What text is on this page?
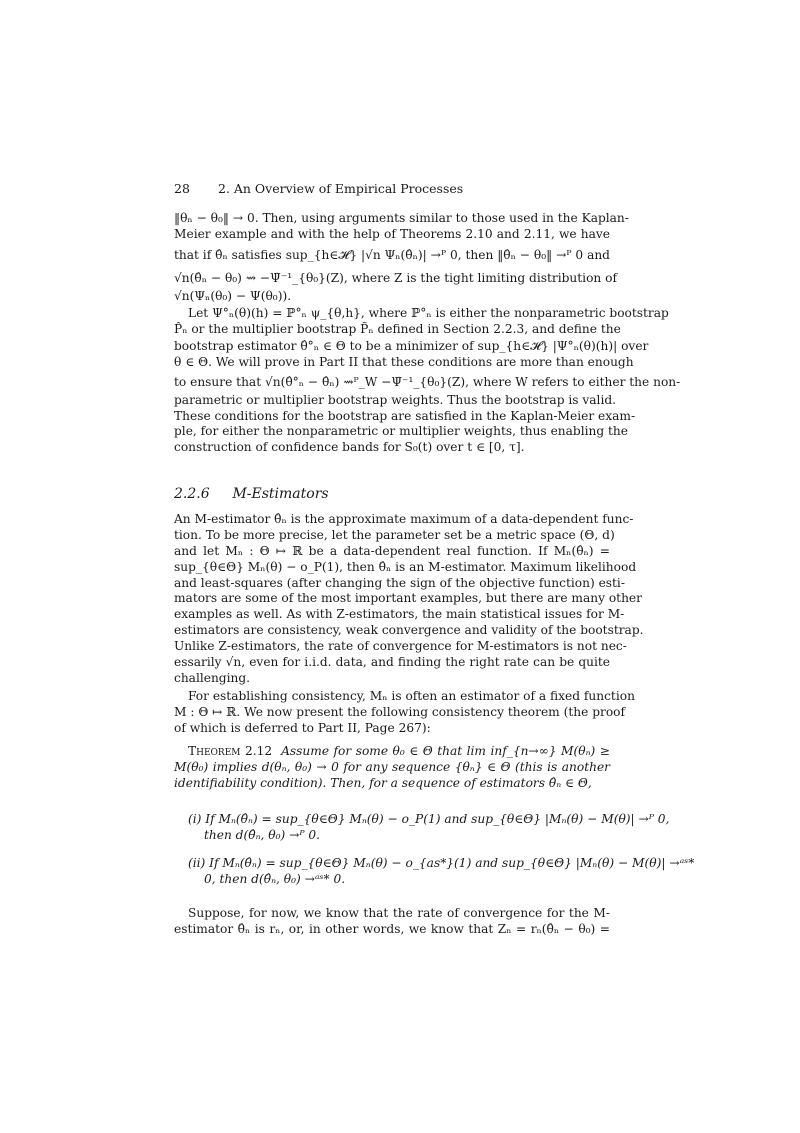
28 2. An Overview of Empirical Processes
‖θₙ − θ₀‖ → 0. Then, using arguments similar to those used in the Kaplan-
Meier example and with the help of Theorems 2.10 and 2.11, we have
that if θ̂ₙ satisfies sup_{h∈𝓗} |√n Ψₙ(θ̂ₙ)| →ᴾ 0, then ‖θ̂ₙ − θ₀‖ →ᴾ 0 and
√n(θ̂ₙ − θ₀) ⇝ −Ψ̇⁻¹_{θ₀}(Z), where Z is the tight limiting distribution of
√n(Ψₙ(θ₀) − Ψ(θ₀)).
Let Ψ°ₙ(θ)(h) = ℙ°ₙ ψ_{θ,h}, where ℙ°ₙ is either the nonparametric bootstrap
P̂ₙ or the multiplier bootstrap P̃ₙ defined in Section 2.2.3, and define the
bootstrap estimator θ̂°ₙ ∈ Θ to be a minimizer of sup_{h∈𝓗} |Ψ°ₙ(θ)(h)| over
θ ∈ Θ. We will prove in Part II that these conditions are more than enough
to ensure that √n(θ̂°ₙ − θ̂ₙ) ⇝ᴾ_W −Ψ̇⁻¹_{θ₀}(Z), where W refers to either the non-
parametric or multiplier bootstrap weights. Thus the bootstrap is valid.
These conditions for the bootstrap are satisfied in the Kaplan-Meier exam-
ple, for either the nonparametric or multiplier weights, thus enabling the
construction of confidence bands for S₀(t) over t ∈ [0, τ].
2.2.6 M-Estimators
An M-estimator θ̂ₙ is the approximate maximum of a data-dependent func-
tion. To be more precise, let the parameter set be a metric space (Θ, d)
and let Mₙ : Θ ↦ ℝ be a data-dependent real function. If Mₙ(θ̂ₙ) =
sup_{θ∈Θ} Mₙ(θ) − o_P(1), then θ̂ₙ is an M-estimator. Maximum likelihood
and least-squares (after changing the sign of the objective function) esti-
mators are some of the most important examples, but there are many other
examples as well. As with Z-estimators, the main statistical issues for M-
estimators are consistency, weak convergence and validity of the bootstrap.
Unlike Z-estimators, the rate of convergence for M-estimators is not nec-
essarily √n, even for i.i.d. data, and finding the right rate can be quite
challenging.
For establishing consistency, Mₙ is often an estimator of a fixed function
M : Θ ↦ ℝ. We now present the following consistency theorem (the proof
of which is deferred to Part II, Page 267):
Theorem 2.12 Assume for some θ₀ ∈ Θ that lim inf_{n→∞} M(θₙ) ≥
M(θ₀) implies d(θₙ, θ₀) → 0 for any sequence {θₙ} ∈ Θ (this is another
identifiability condition). Then, for a sequence of estimators θ̂ₙ ∈ Θ,
(i) If Mₙ(θ̂ₙ) = sup_{θ∈Θ} Mₙ(θ) − o_P(1) and sup_{θ∈Θ} |Mₙ(θ) − M(θ)| →ᴾ 0,
then d(θ̂ₙ, θ₀) →ᴾ 0.
(ii) If Mₙ(θ̂ₙ) = sup_{θ∈Θ} Mₙ(θ) − o_{as*}(1) and sup_{θ∈Θ} |Mₙ(θ) − M(θ)| →ᵃˢ*
0, then d(θ̂ₙ, θ₀) →ᵃˢ* 0.
Suppose, for now, we know that the rate of convergence for the M-
estimator θ̂ₙ is rₙ, or, in other words, we know that Zₙ = rₙ(θ̂ₙ − θ₀) =
